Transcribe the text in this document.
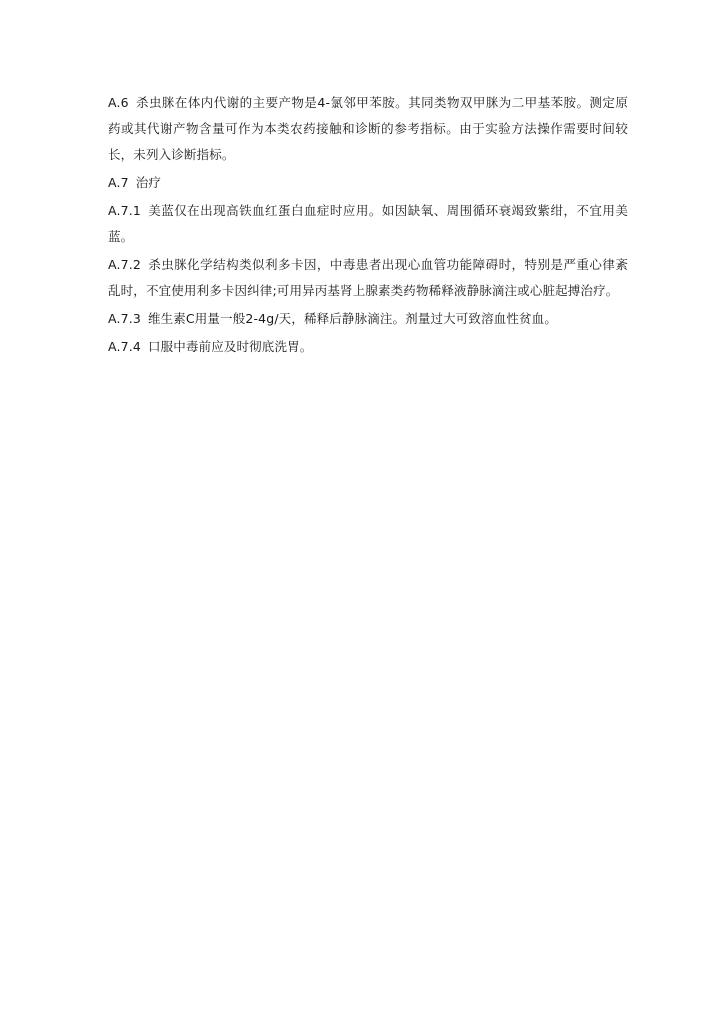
A.6 杀虫脒在体内代谢的主要产物是4-氯邻甲苯胺。其同类物双甲脒为二甲基苯胺。测定原药或其代谢产物含量可作为本类农药接触和诊断的参考指标。由于实验方法操作需要时间较长，未列入诊断指标。

A.7 治疗

A.7.1 美蓝仅在出现高铁血红蛋白血症时应用。如因缺氧、周围循环衰竭致紫绀，不宜用美蓝。

A.7.2 杀虫脒化学结构类似利多卡因，中毒患者出现心血管功能障碍时，特别是严重心律紊乱时，不宜使用利多卡因纠律;可用异丙基肾上腺素类药物稀释液静脉滴注或心脏起搏治疗。

A.7.3 维生素C用量一般2-4g/天，稀释后静脉滴注。剂量过大可致溶血性贫血。

A.7.4 口服中毒前应及时彻底洗胃。
